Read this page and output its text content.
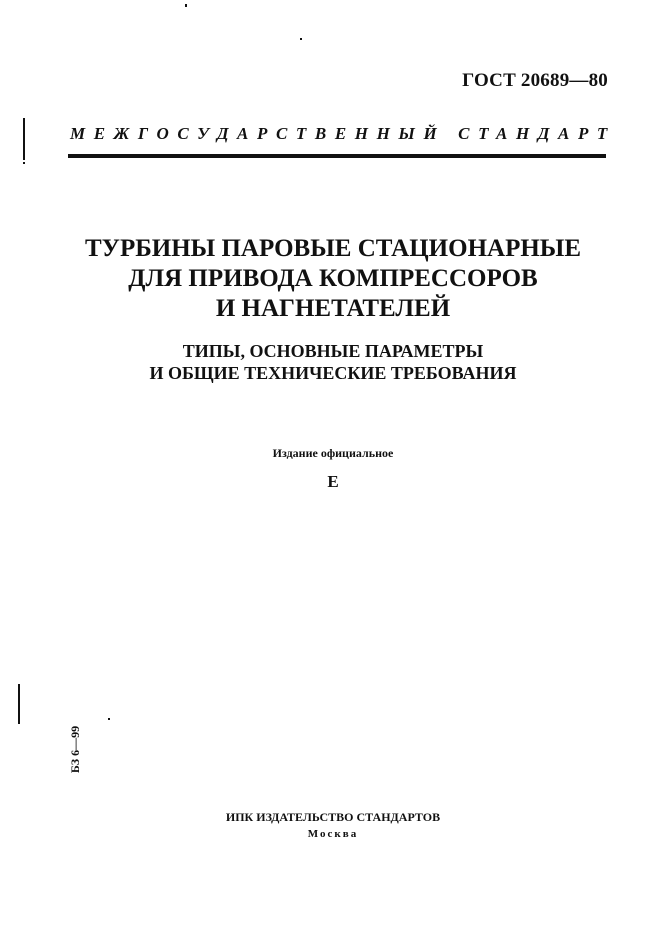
ГОСТ 20689—80
МЕЖГОСУДАРСТВЕННЫЙ СТАНДАРТ
ТУРБИНЫ ПАРОВЫЕ СТАЦИОНАРНЫЕ
ДЛЯ ПРИВОДА КОМПРЕССОРОВ
И НАГНЕТАТЕЛЕЙ
ТИПЫ, ОСНОВНЫЕ ПАРАМЕТРЫ
И ОБЩИЕ ТЕХНИЧЕСКИЕ ТРЕБОВАНИЯ
Издание официальное
Е
БЗ 6—99
ИПК ИЗДАТЕЛЬСТВО СТАНДАРТОВ
Москва
